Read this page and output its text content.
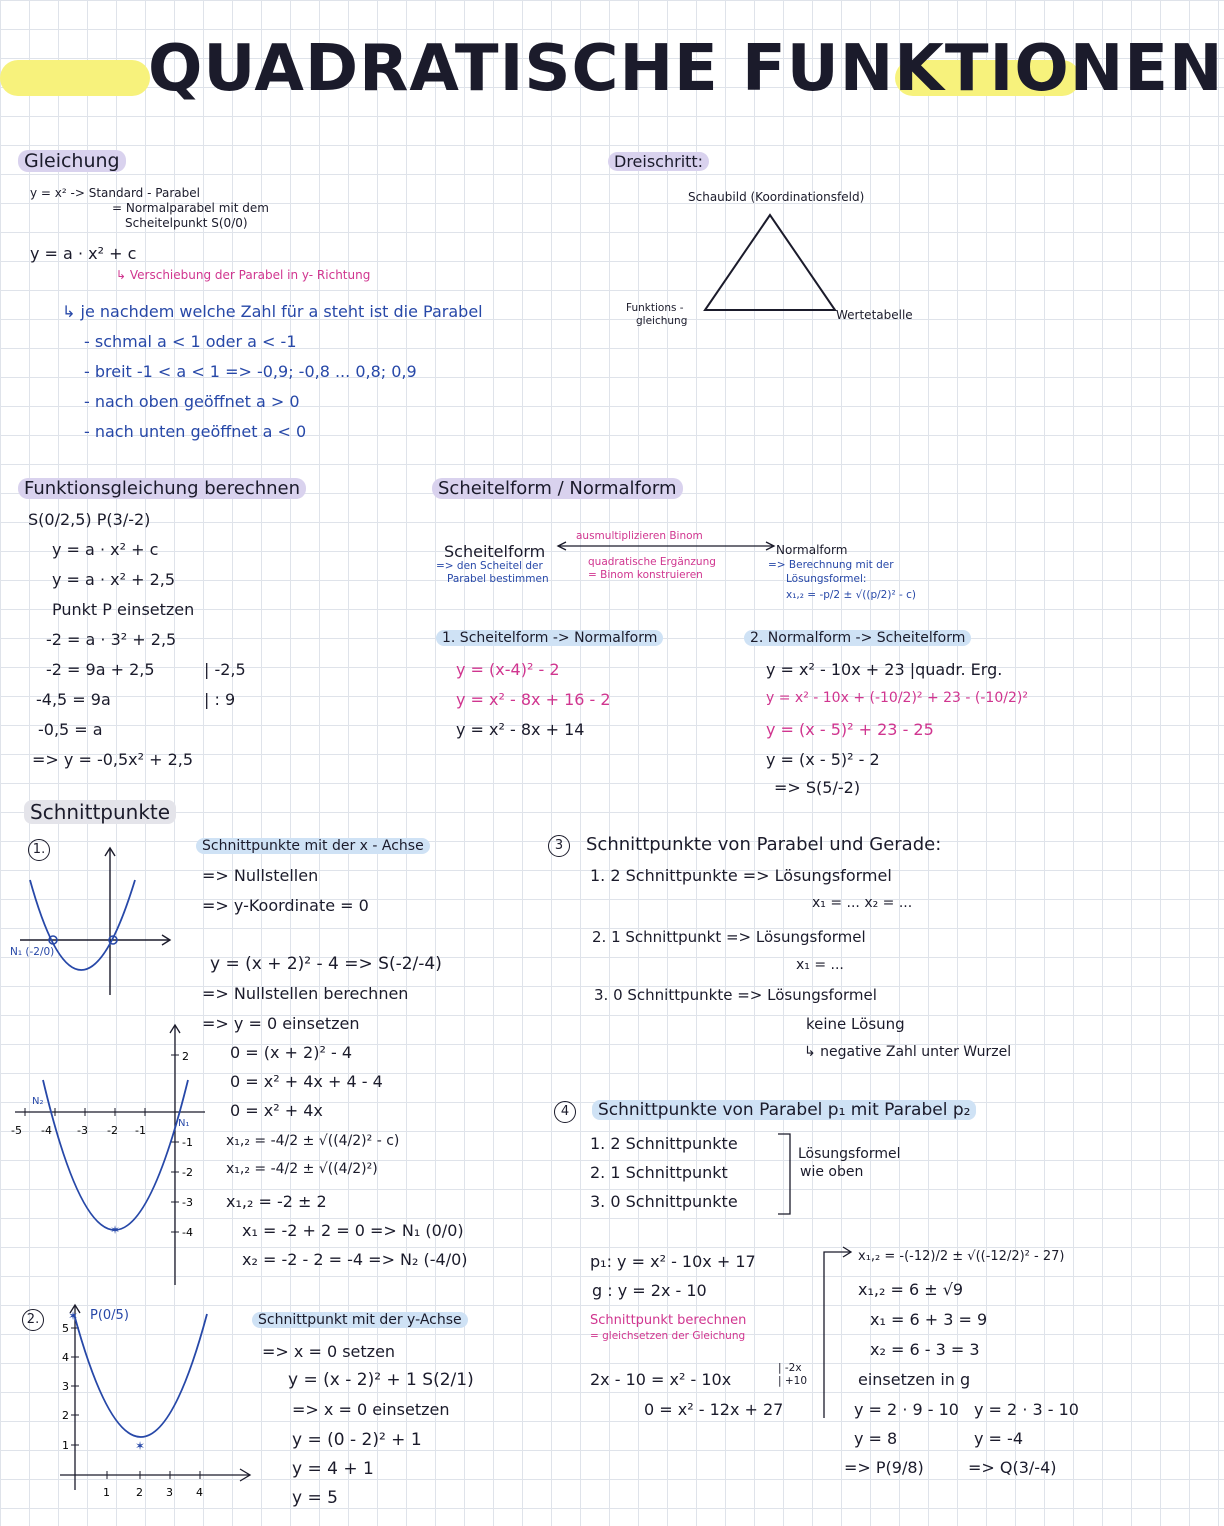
QUADRATISCHE FUNKTIONEN
Gleichung
y = x² -> Standard - Parabel
= Normalparabel mit dem
Scheitelpunkt S(0/0)
y = a · x² + c
↳ Verschiebung der Parabel in y- Richtung
↳ je nachdem welche Zahl für a steht ist die Parabel
- schmal a < 1 oder a < -1
- breit -1 < a < 1 => -0,9; -0,8 ... 0,8; 0,9
- nach oben geöffnet a > 0
- nach unten geöffnet a < 0
Dreischritt:
Schaubild (Koordinationsfeld)
Funktions -
gleichung	Wertetabelle
Funktionsgleichung berechnen
S(0/2,5) P(3/-2)
y = a · x² + c
y = a · x² + 2,5
Punkt P einsetzen
-2 = a · 3² + 2,5
-2 = 9a + 2,5	| -2,5
-4,5 = 9a	| : 9
-0,5 = a
=> y = -0,5x² + 2,5
Scheitelform / Normalform
Scheitelform
=> den Scheitel der
Parabel bestimmen
ausmultiplizieren Binom
quadratische Ergänzung
= Binom konstruieren
Normalform
=> Berechnung mit der
Lösungsformel:
x₁,₂ = -p/2 ± √((p/2)² - c)
1. Scheitelform -> Normalform
y = (x-4)² - 2
y = x² - 8x + 16 - 2
y = x² - 8x + 14
2. Normalform -> Scheitelform
y = x² - 10x + 23 |quadr. Erg.
y = x² - 10x + (-10/2)² + 23 - (-10/2)²
y = (x - 5)² + 23 - 25
y = (x - 5)² - 2
=> S(5/-2)
Schnittpunkte
1.
N₁ (-2/0)
-5 -4 -3 -2 -1
2
-1
-2
-3
-4
N₂
N₁
✶
2.
5
4
3
2
1
1 2 3 4
✶
✶ P(0/5)
Schnittpunkte mit der x - Achse
=> Nullstellen
=> y-Koordinate = 0
y = (x + 2)² - 4 => S(-2/-4)
=> Nullstellen berechnen
=> y = 0 einsetzen
0 = (x + 2)² - 4
0 = x² + 4x + 4 - 4
0 = x² + 4x
x₁,₂ = -4/2 ± √((4/2)² - c)
x₁,₂ = -4/2 ± √((4/2)²)
x₁,₂ = -2 ± 2
x₁ = -2 + 2 = 0 => N₁ (0/0)
x₂ = -2 - 2 = -4 => N₂ (-4/0)
Schnittpunkt mit der y-Achse
=> x = 0 setzen
y = (x - 2)² + 1 S(2/1)
=> x = 0 einsetzen
y = (0 - 2)² + 1
y = 4 + 1
y = 5
3	Schnittpunkte von Parabel und Gerade:
1. 2 Schnittpunkte => Lösungsformel
x₁ = ... x₂ = ...
2. 1 Schnittpunkt => Lösungsformel
x₁ = ...
3. 0 Schnittpunkte => Lösungsformel
keine Lösung
↳ negative Zahl unter Wurzel
4	Schnittpunkte von Parabel p₁ mit Parabel p₂
1. 2 Schnittpunkte
2. 1 Schnittpunkt
3. 0 Schnittpunkte
Lösungsformel
wie oben
p₁: y = x² - 10x + 17
g : y = 2x - 10
Schnittpunkt berechnen
= gleichsetzen der Gleichung
2x - 10 = x² - 10x
| -2x
| +10
0 = x² - 12x + 27
x₁,₂ = -(-12)/2 ± √((-12/2)² - 27)
x₁,₂ = 6 ± √9
x₁ = 6 + 3 = 9
x₂ = 6 - 3 = 3
einsetzen in g
y = 2 · 9 - 10
y = 8
=> P(9/8)
y = 2 · 3 - 10
y = -4
=> Q(3/-4)
